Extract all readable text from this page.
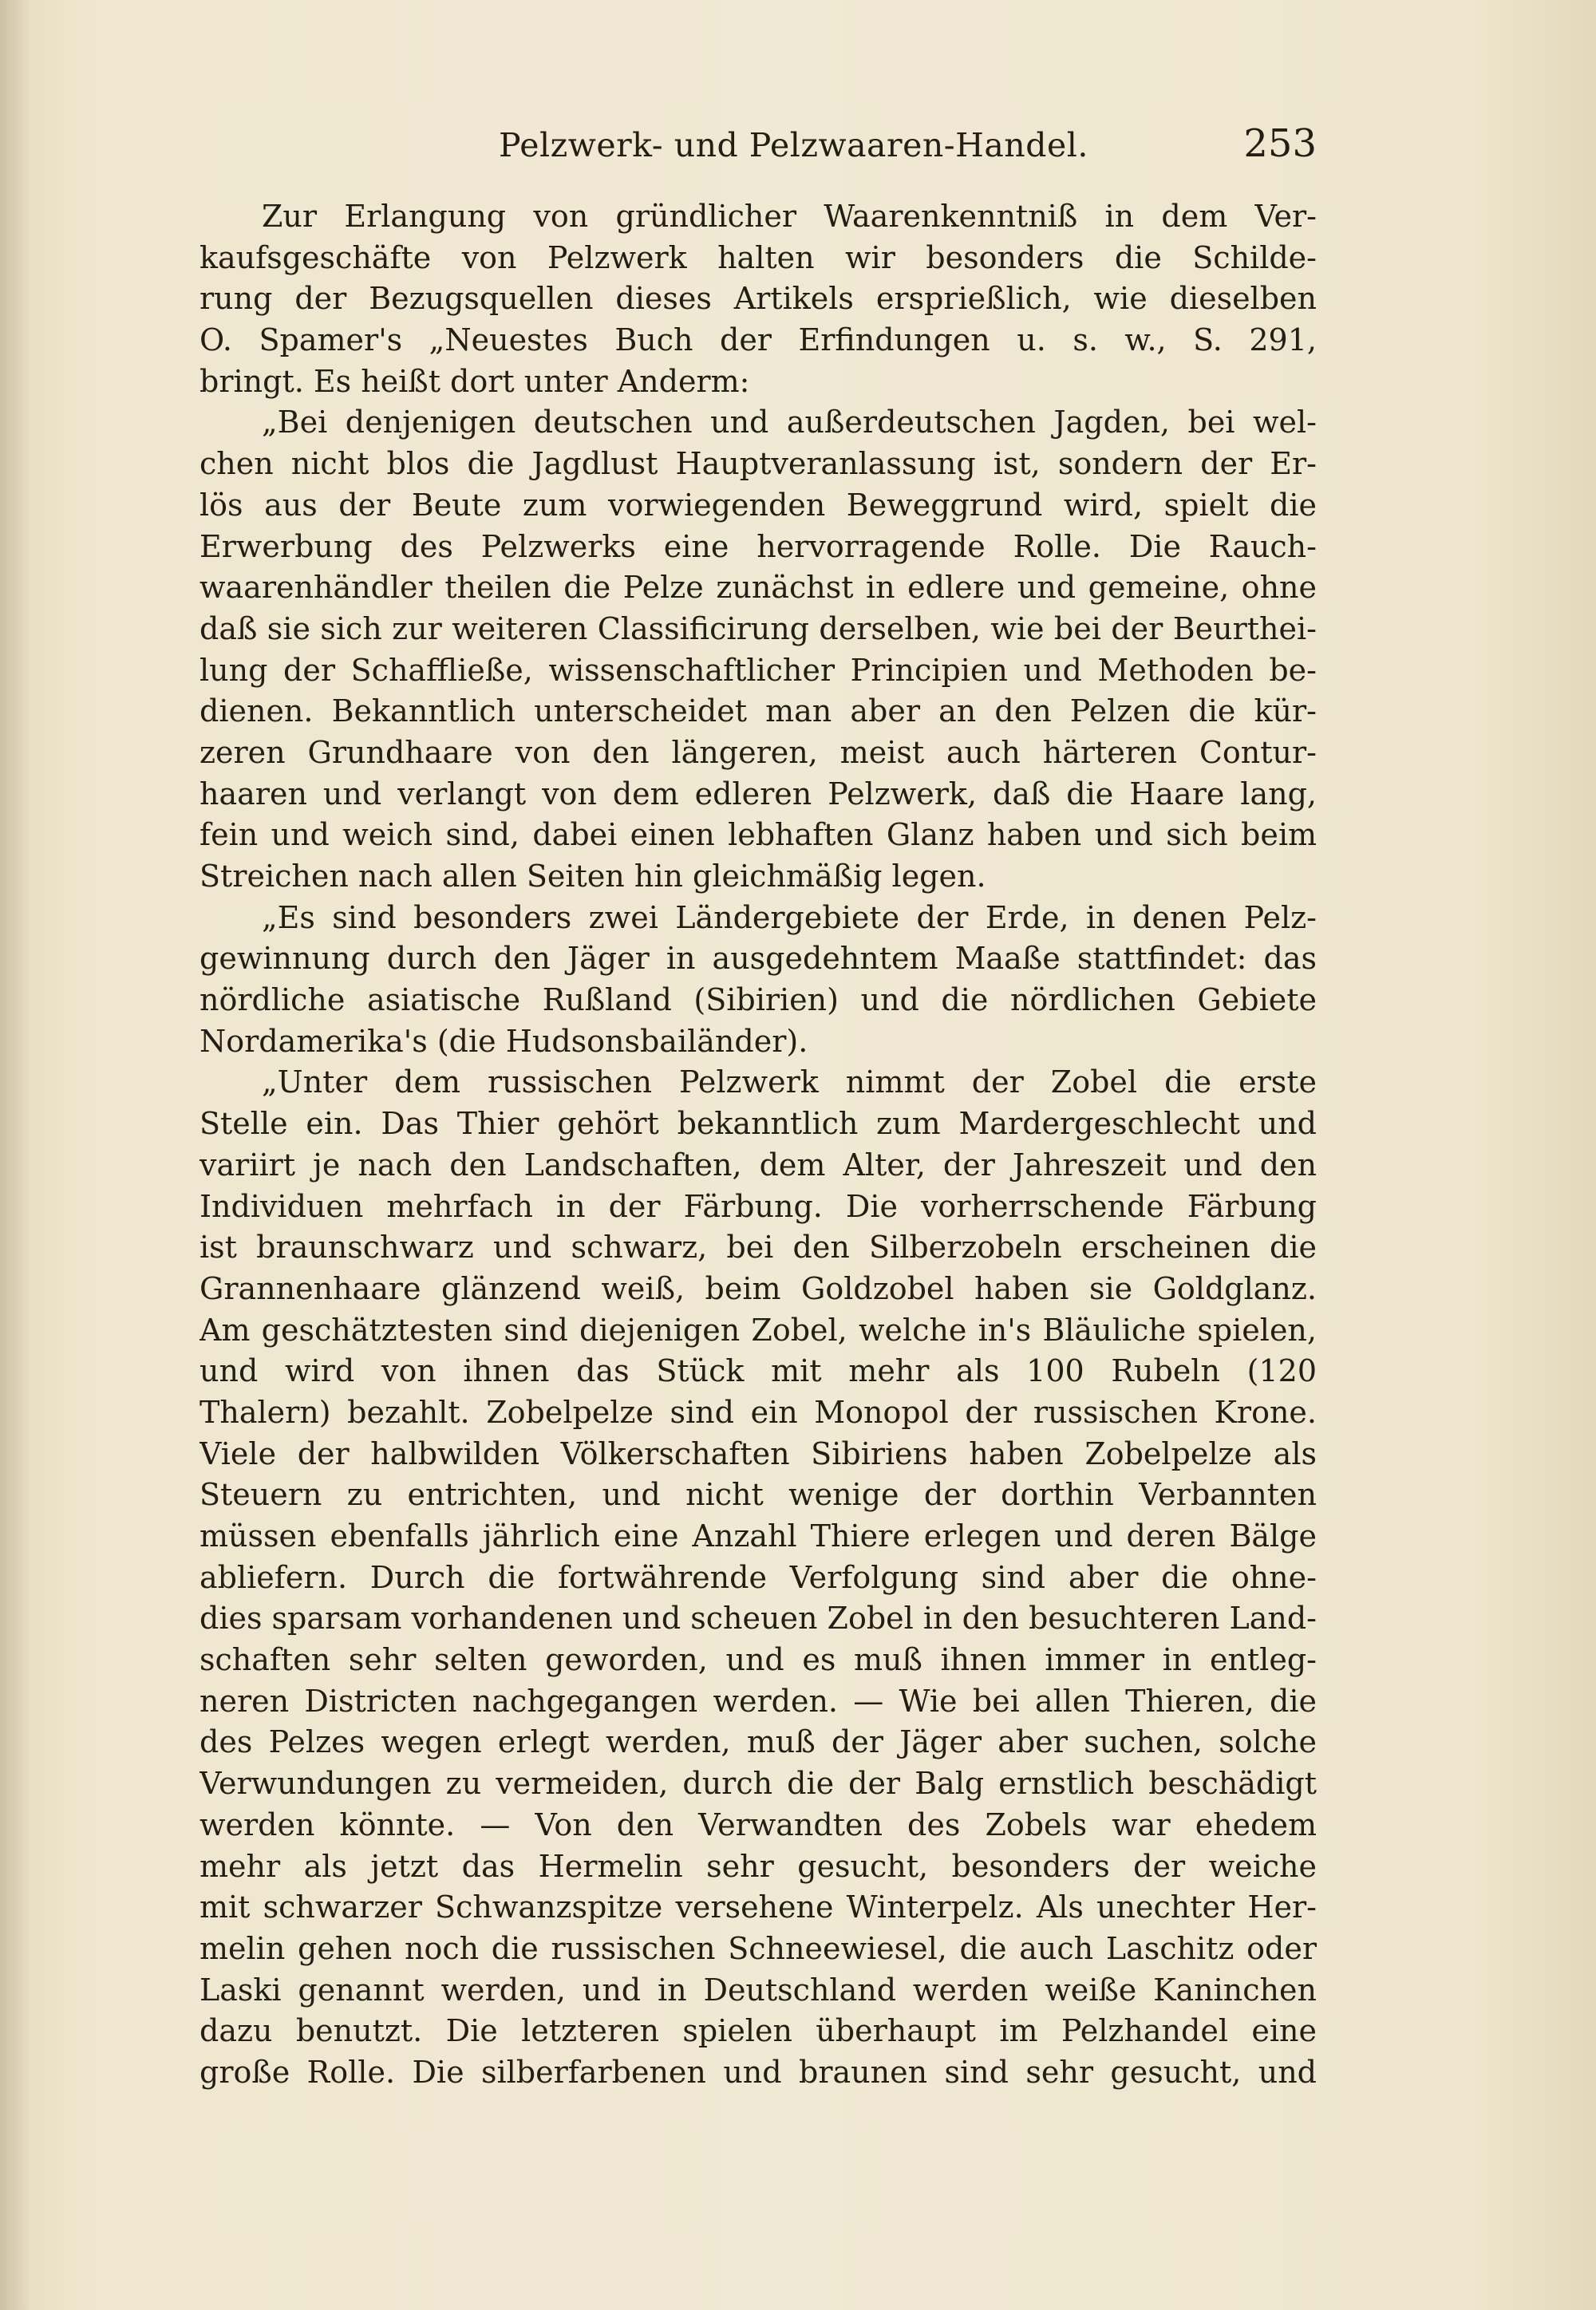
Pelzwerk- und Pelzwaaren-Handel.	253
Zur Erlangung von gründlicher Waarenkenntniß in dem Ver-
kaufsgeschäfte von Pelzwerk halten wir besonders die Schilde-
rung der Bezugsquellen dieses Artikels ersprießlich, wie dieselben
O. Spamer's „Neuestes Buch der Erfindungen u. s. w., S. 291,
bringt. Es heißt dort unter Anderm:
„Bei denjenigen deutschen und außerdeutschen Jagden, bei wel-
chen nicht blos die Jagdlust Hauptveranlassung ist, sondern der Er-
lös aus der Beute zum vorwiegenden Beweggrund wird, spielt die
Erwerbung des Pelzwerks eine hervorragende Rolle. Die Rauch-
waarenhändler theilen die Pelze zunächst in edlere und gemeine, ohne
daß sie sich zur weiteren Classificirung derselben, wie bei der Beurthei-
lung der Schaffließe, wissenschaftlicher Principien und Methoden be-
dienen. Bekanntlich unterscheidet man aber an den Pelzen die kür-
zeren Grundhaare von den längeren, meist auch härteren Contur-
haaren und verlangt von dem edleren Pelzwerk, daß die Haare lang,
fein und weich sind, dabei einen lebhaften Glanz haben und sich beim
Streichen nach allen Seiten hin gleichmäßig legen.
„Es sind besonders zwei Ländergebiete der Erde, in denen Pelz-
gewinnung durch den Jäger in ausgedehntem Maaße stattfindet: das
nördliche asiatische Rußland (Sibirien) und die nördlichen Gebiete
Nordamerika's (die Hudsonsbailänder).
„Unter dem russischen Pelzwerk nimmt der Zobel die erste
Stelle ein. Das Thier gehört bekanntlich zum Mardergeschlecht und
variirt je nach den Landschaften, dem Alter, der Jahreszeit und den
Individuen mehrfach in der Färbung. Die vorherrschende Färbung
ist braunschwarz und schwarz, bei den Silberzobeln erscheinen die
Grannenhaare glänzend weiß, beim Goldzobel haben sie Goldglanz.
Am geschätztesten sind diejenigen Zobel, welche in's Bläuliche spielen,
und wird von ihnen das Stück mit mehr als 100 Rubeln (120
Thalern) bezahlt. Zobelpelze sind ein Monopol der russischen Krone.
Viele der halbwilden Völkerschaften Sibiriens haben Zobelpelze als
Steuern zu entrichten, und nicht wenige der dorthin Verbannten
müssen ebenfalls jährlich eine Anzahl Thiere erlegen und deren Bälge
abliefern. Durch die fortwährende Verfolgung sind aber die ohne-
dies sparsam vorhandenen und scheuen Zobel in den besuchteren Land-
schaften sehr selten geworden, und es muß ihnen immer in entleg-
neren Districten nachgegangen werden. — Wie bei allen Thieren, die
des Pelzes wegen erlegt werden, muß der Jäger aber suchen, solche
Verwundungen zu vermeiden, durch die der Balg ernstlich beschädigt
werden könnte. — Von den Verwandten des Zobels war ehedem
mehr als jetzt das Hermelin sehr gesucht, besonders der weiche
mit schwarzer Schwanzspitze versehene Winterpelz. Als unechter Her-
melin gehen noch die russischen Schneewiesel, die auch Laschitz oder
Laski genannt werden, und in Deutschland werden weiße Kaninchen
dazu benutzt. Die letzteren spielen überhaupt im Pelzhandel eine
große Rolle. Die silberfarbenen und braunen sind sehr gesucht, und
